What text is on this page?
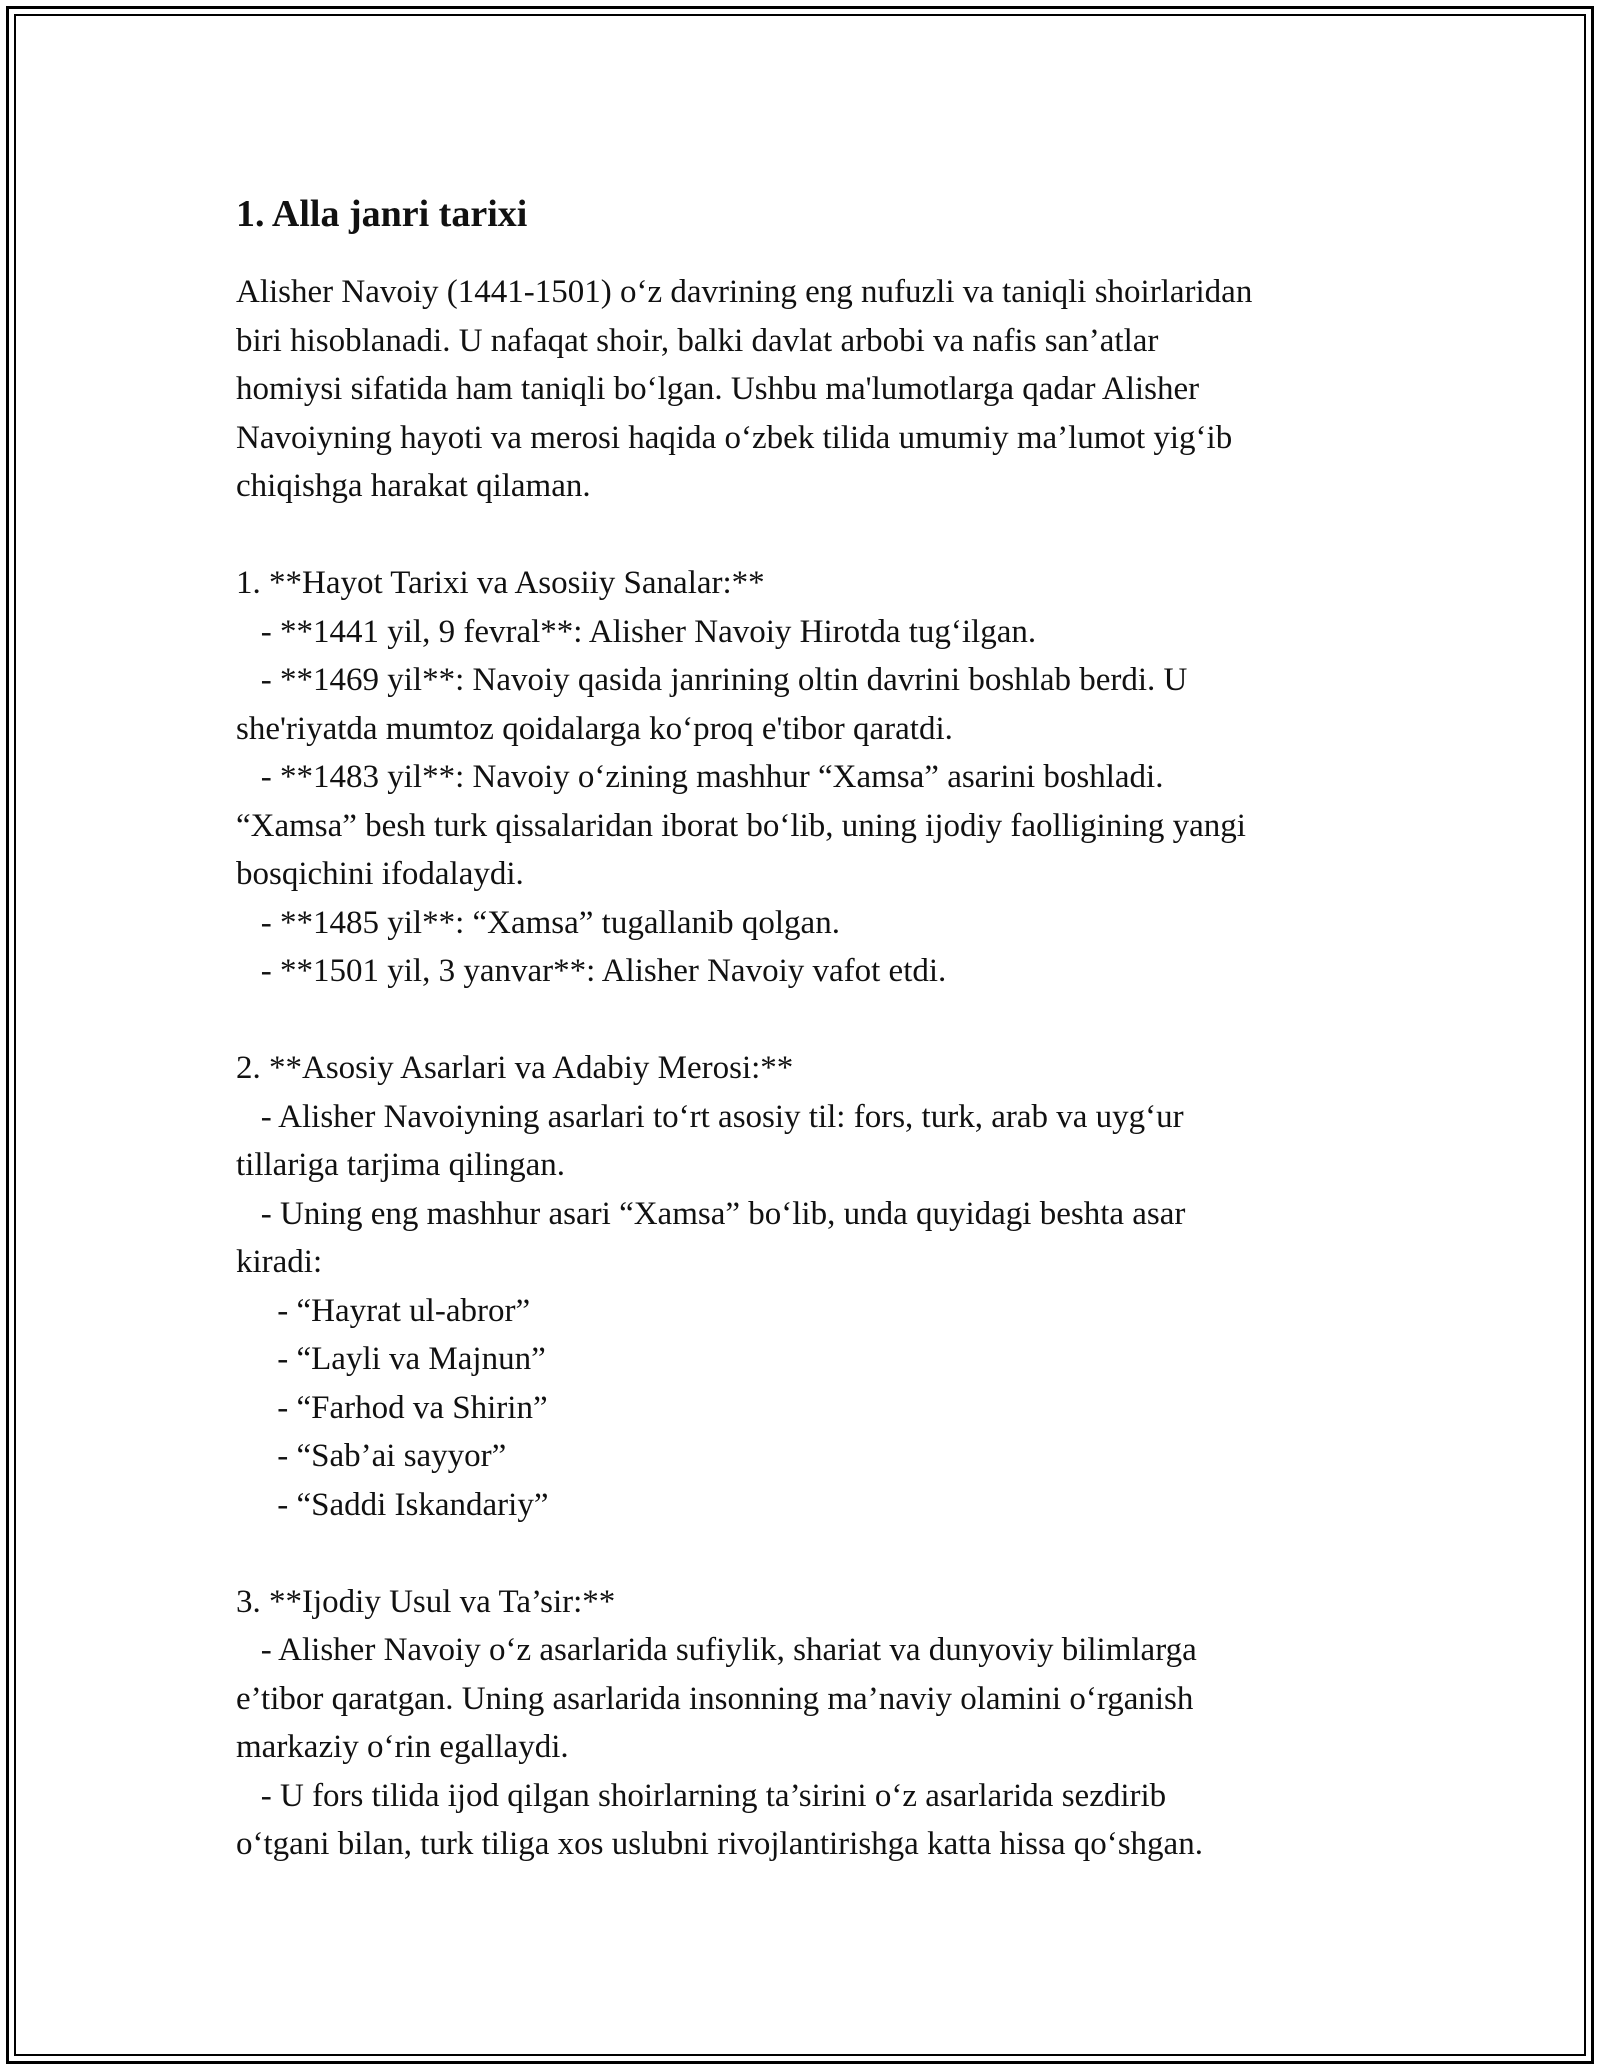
1. Alla janri tarixi
Alisher Navoiy (1441-1501) o‘z davrining eng nufuzli va taniqli shoirlaridan
biri hisoblanadi. U nafaqat shoir, balki davlat arbobi va nafis san’atlar
homiysi sifatida ham taniqli bo‘lgan. Ushbu ma'lumotlarga qadar Alisher
Navoiyning hayoti va merosi haqida o‘zbek tilida umumiy ma’lumot yig‘ib
chiqishga harakat qilaman.
1. **Hayot Tarixi va Asosiiy Sanalar:**
- **1441 yil, 9 fevral**: Alisher Navoiy Hirotda tug‘ilgan.
- **1469 yil**: Navoiy qasida janrining oltin davrini boshlab berdi. U
she'riyatda mumtoz qoidalarga ko‘proq e'tibor qaratdi.
- **1483 yil**: Navoiy o‘zining mashhur “Xamsa” asarini boshladi.
“Xamsa” besh turk qissalaridan iborat bo‘lib, uning ijodiy faolligining yangi
bosqichini ifodalaydi.
- **1485 yil**: “Xamsa” tugallanib qolgan.
- **1501 yil, 3 yanvar**: Alisher Navoiy vafot etdi.
2. **Asosiy Asarlari va Adabiy Merosi:**
- Alisher Navoiyning asarlari to‘rt asosiy til: fors, turk, arab va uyg‘ur
tillariga tarjima qilingan.
- Uning eng mashhur asari “Xamsa” bo‘lib, unda quyidagi beshta asar
kiradi:
- “Hayrat ul-abror”
- “Layli va Majnun”
- “Farhod va Shirin”
- “Sab’ai sayyor”
- “Saddi Iskandariy”
3. **Ijodiy Usul va Ta’sir:**
- Alisher Navoiy o‘z asarlarida sufiylik, shariat va dunyoviy bilimlarga
e’tibor qaratgan. Uning asarlarida insonning ma’naviy olamini o‘rganish
markaziy o‘rin egallaydi.
- U fors tilida ijod qilgan shoirlarning ta’sirini o‘z asarlarida sezdirib
o‘tgani bilan, turk tiliga xos uslubni rivojlantirishga katta hissa qo‘shgan.
